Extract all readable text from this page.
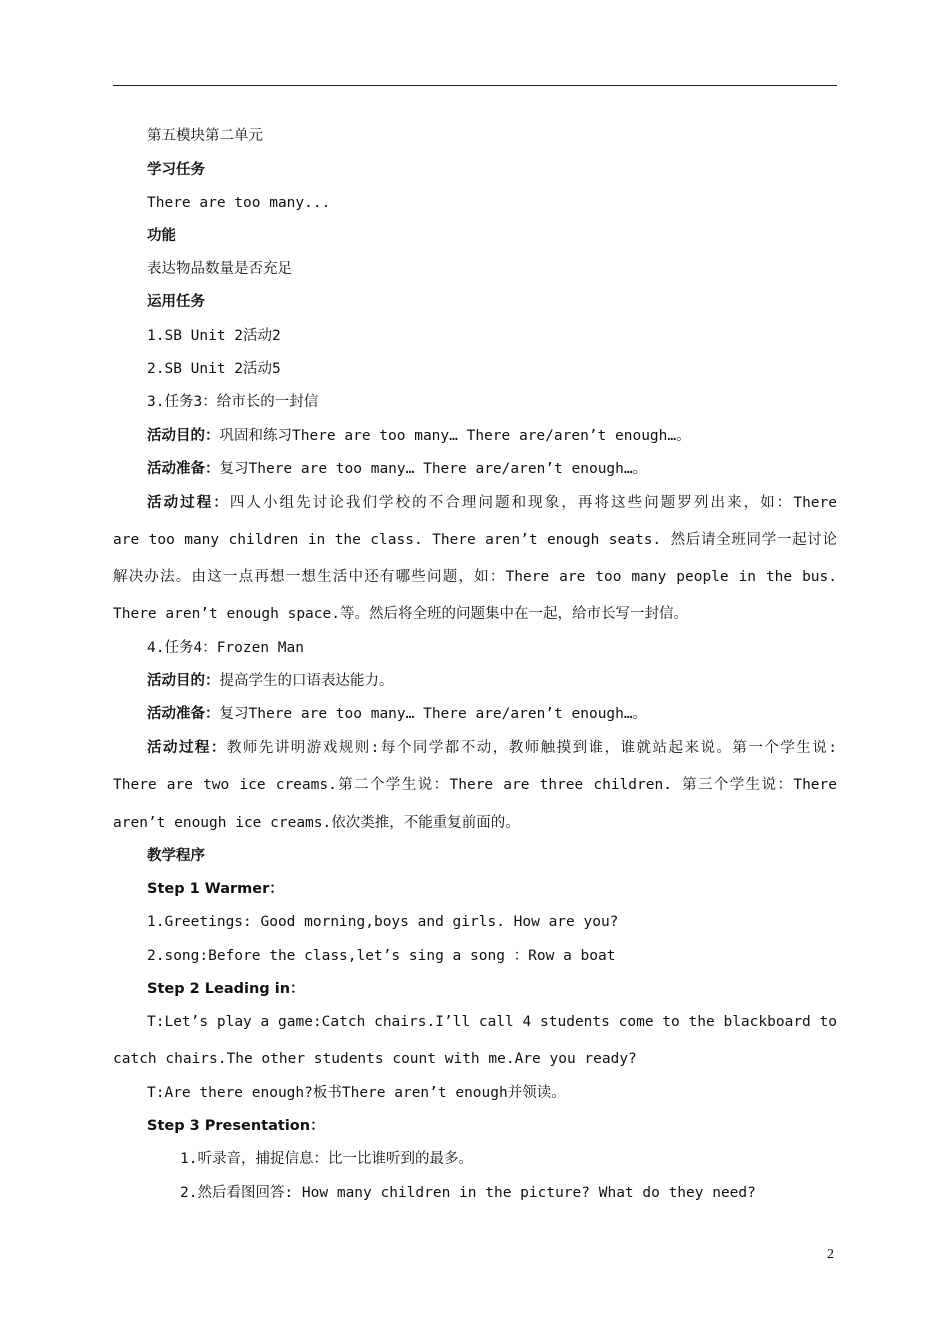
第五模块第二单元
学习任务
There are too many...
功能
表达物品数量是否充足
运用任务
1.SB Unit 2活动2
2.SB Unit 2活动5
3.任务3：给市长的一封信
活动目的：巩固和练习There are too many… There are/aren’t enough…。
活动准备：复习There are too many… There are/aren’t enough…。
活动过程：四人小组先讨论我们学校的不合理问题和现象，再将这些问题罗列出来，如：There
are too many children in the class. There aren’t enough seats. 然后请全班同学一起讨论
解决办法。由这一点再想一想生活中还有哪些问题，如：There are too many people in the bus.
There aren’t enough space.等。然后将全班的问题集中在一起，给市长写一封信。
4.任务4：Frozen Man
活动目的：提高学生的口语表达能力。
活动准备：复习There are too many… There are/aren’t enough…。
活动过程：教师先讲明游戏规则:每个同学都不动，教师触摸到谁，谁就站起来说。第一个学生说:
There are two ice creams.第二个学生说：There are three children. 第三个学生说：There
aren’t enough ice creams.依次类推，不能重复前面的。
教学程序
Step 1 Warmer：
1.Greetings: Good morning,boys and girls. How are you?
2.song:Before the class,let’s sing a song ：Row a boat
Step 2 Leading in：
T:Let’s play a game:Catch chairs.I’ll call 4 students come to the blackboard to
catch chairs.The other students count with me.Are you ready?
T:Are there enough?板书There aren’t enough并领读。
Step 3 Presentation：
1.听录音，捕捉信息：比一比谁听到的最多。
2.然后看图回答: How many children in the picture? What do they need?
2
